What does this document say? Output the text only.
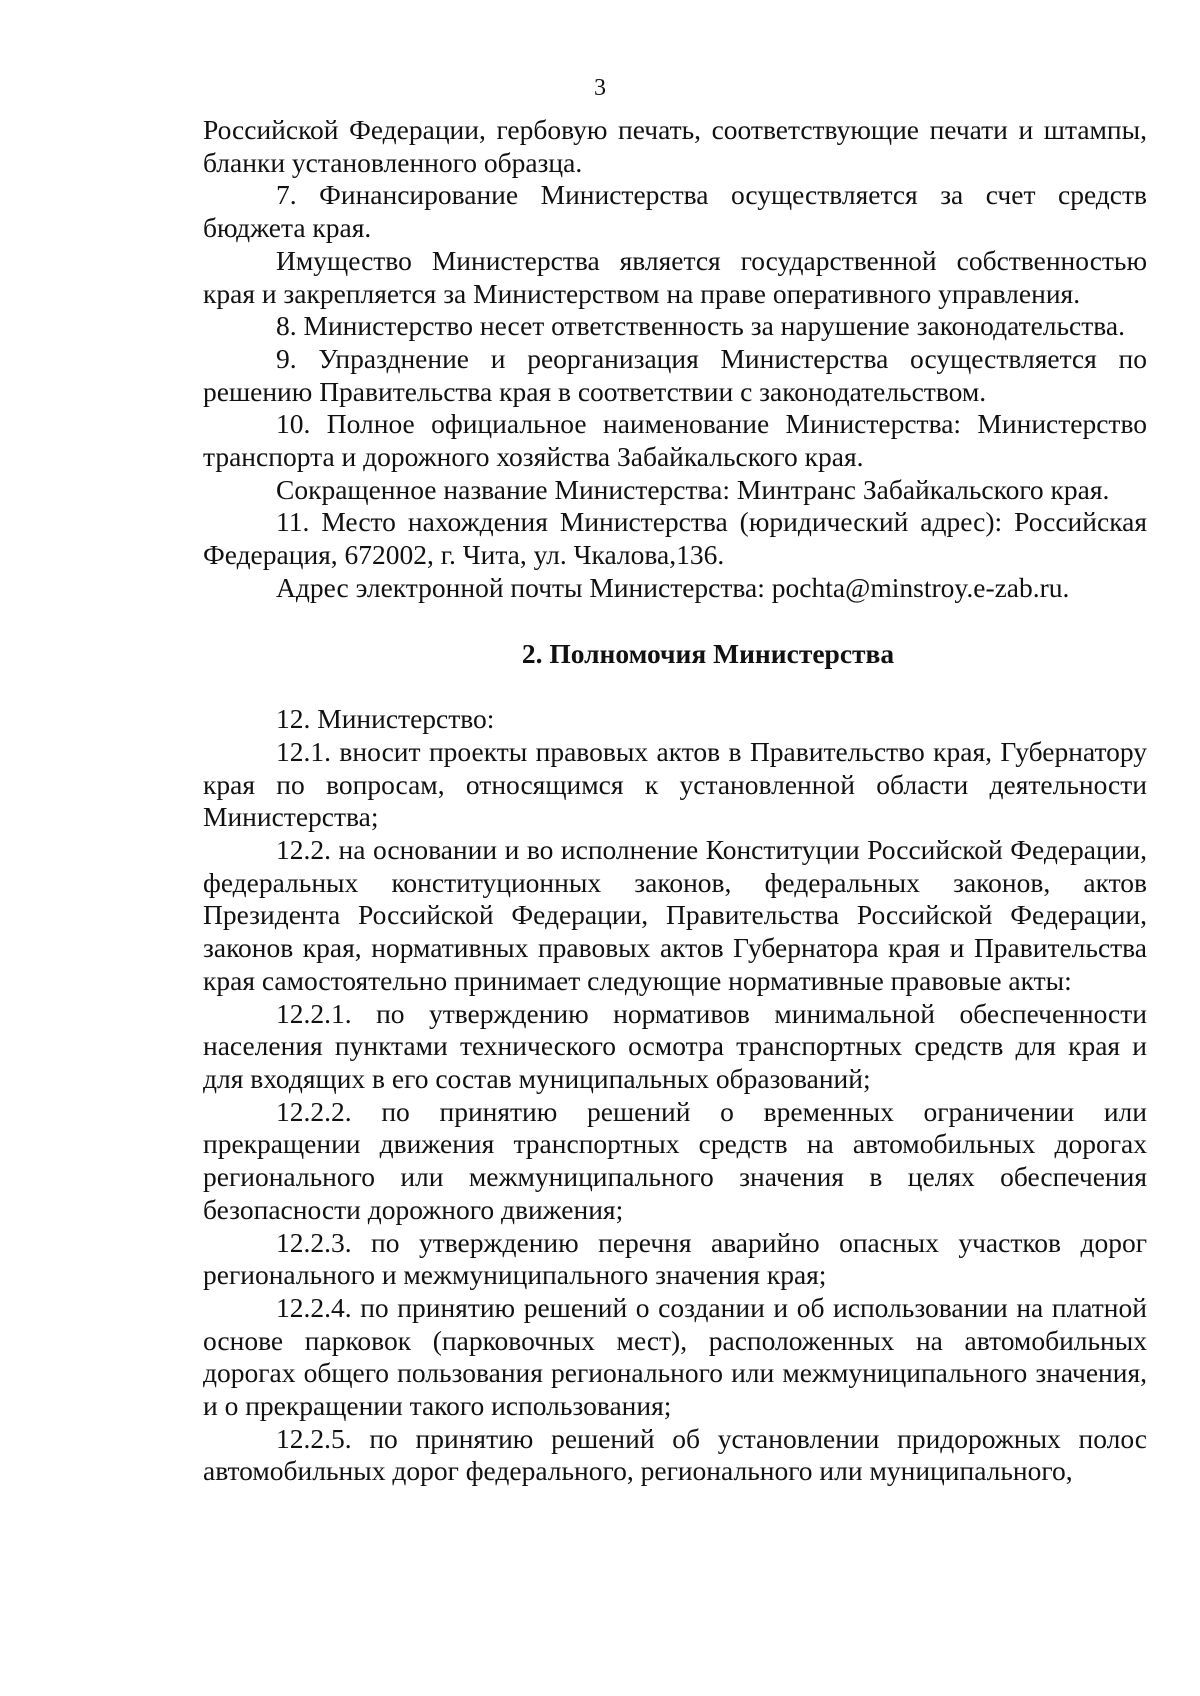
3

Российской Федерации, гербовую печать, соответствующие печати и штампы, бланки установленного образца.

7. Финансирование Министерства осуществляется за счет средств бюджета края.

Имущество Министерства является государственной собственностью края и закрепляется за Министерством на праве оперативного управления.

8. Министерство несет ответственность за нарушение законодательства.

9. Упразднение и реорганизация Министерства осуществляется по решению Правительства края в соответствии с законодательством.

10. Полное официальное наименование Министерства: Министерство транспорта и дорожного хозяйства Забайкальского края.

Сокращенное название Министерства: Минтранс Забайкальского края.

11. Место нахождения Министерства (юридический адрес): Российская Федерация, 672002, г. Чита, ул. Чкалова,136.

Адрес электронной почты Министерства: pochta@minstroy.e-zab.ru.

2. Полномочия Министерства

12. Министерство:

12.1. вносит проекты правовых актов в Правительство края, Губернатору края по вопросам, относящимся к установленной области деятельности Министерства;

12.2. на основании и во исполнение Конституции Российской Федерации, федеральных конституционных законов, федеральных законов, актов Президента Российской Федерации, Правительства Российской Федерации, законов края, нормативных правовых актов Губернатора края и Правительства края самостоятельно принимает следующие нормативные правовые акты:

12.2.1. по утверждению нормативов минимальной обеспеченности населения пунктами технического осмотра транспортных средств для края и для входящих в его состав муниципальных образований;

12.2.2. по принятию решений о временных ограничении или прекращении движения транспортных средств на автомобильных дорогах регионального или межмуниципального значения в целях обеспечения безопасности дорожного движения;

12.2.3. по утверждению перечня аварийно опасных участков дорог регионального и межмуниципального значения края;

12.2.4. по принятию решений о создании и об использовании на платной основе парковок (парковочных мест), расположенных на автомобильных дорогах общего пользования регионального или межмуниципального значения, и о прекращении такого использования;

12.2.5. по принятию решений об установлении придорожных полос автомобильных дорог федерального, регионального или муниципального,
